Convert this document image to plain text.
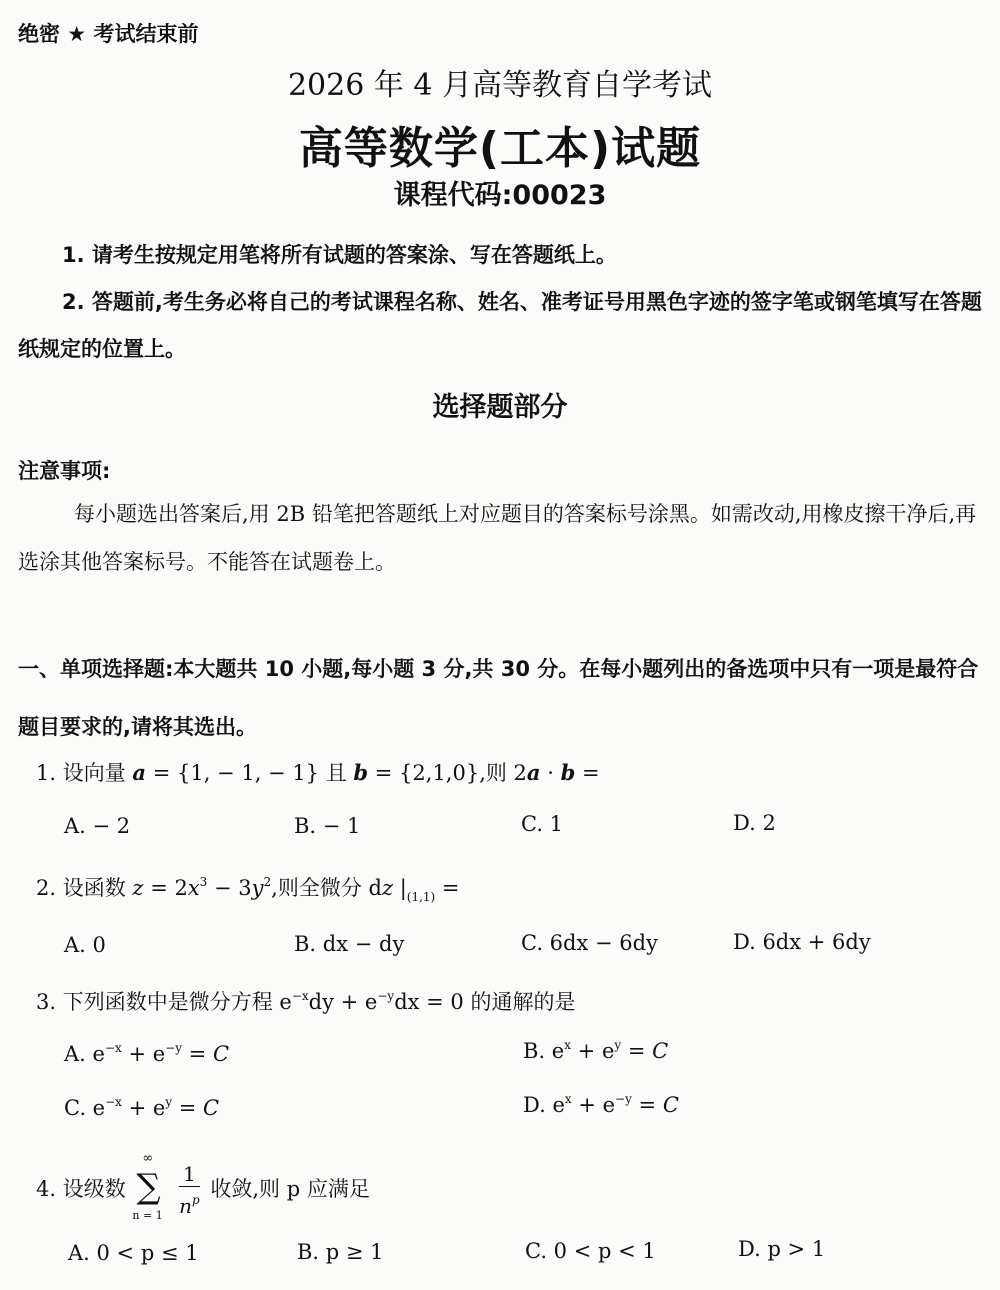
绝密 ★ 考试结束前
2026 年 4 月高等教育自学考试
高等数学(工本)试题
课程代码:00023
1. 请考生按规定用笔将所有试题的答案涂、写在答题纸上。
2. 答题前,考生务必将自己的考试课程名称、姓名、准考证号用黑色字迹的签字笔或钢笔填写在答题纸规定的位置上。
选择题部分
注意事项:
每小题选出答案后,用 2B 铅笔把答题纸上对应题目的答案标号涂黑。如需改动,用橡皮擦干净后,再选涂其他答案标号。不能答在试题卷上。
一、单项选择题:本大题共 10 小题,每小题 3 分,共 30 分。在每小题列出的备选项中只有一项是最符合题目要求的,请将其选出。
1. 设向量 a = {1, − 1, − 1} 且 b = {2,1,0},则 2a · b =
A. − 2	B. − 1	C. 1	D. 2
2. 设函数 $z = 2x^3 - 3y^2$,则全微分 dz $|_{(1,1)}$ =
A. 0	B. dx − dy	C. 6dx − 6dy	D. 6dx + 6dy
3. 下列函数中是微分方程 $e^{-x}dy + e^{-y}dx = 0$ 的通解的是
A. $e^{-x} + e^{-y} = C$	B. $e^x + e^y = C$
C. $e^{-x} + e^y = C$	D. $e^x + e^{-y} = C$
4. 设级数
∞
∑
n = 1
$\frac{1}{n^p}$ 收敛,则 p 应满足
A. 0 < p ≤ 1	B. p ≥ 1	C. 0 < p < 1	D. p > 1
